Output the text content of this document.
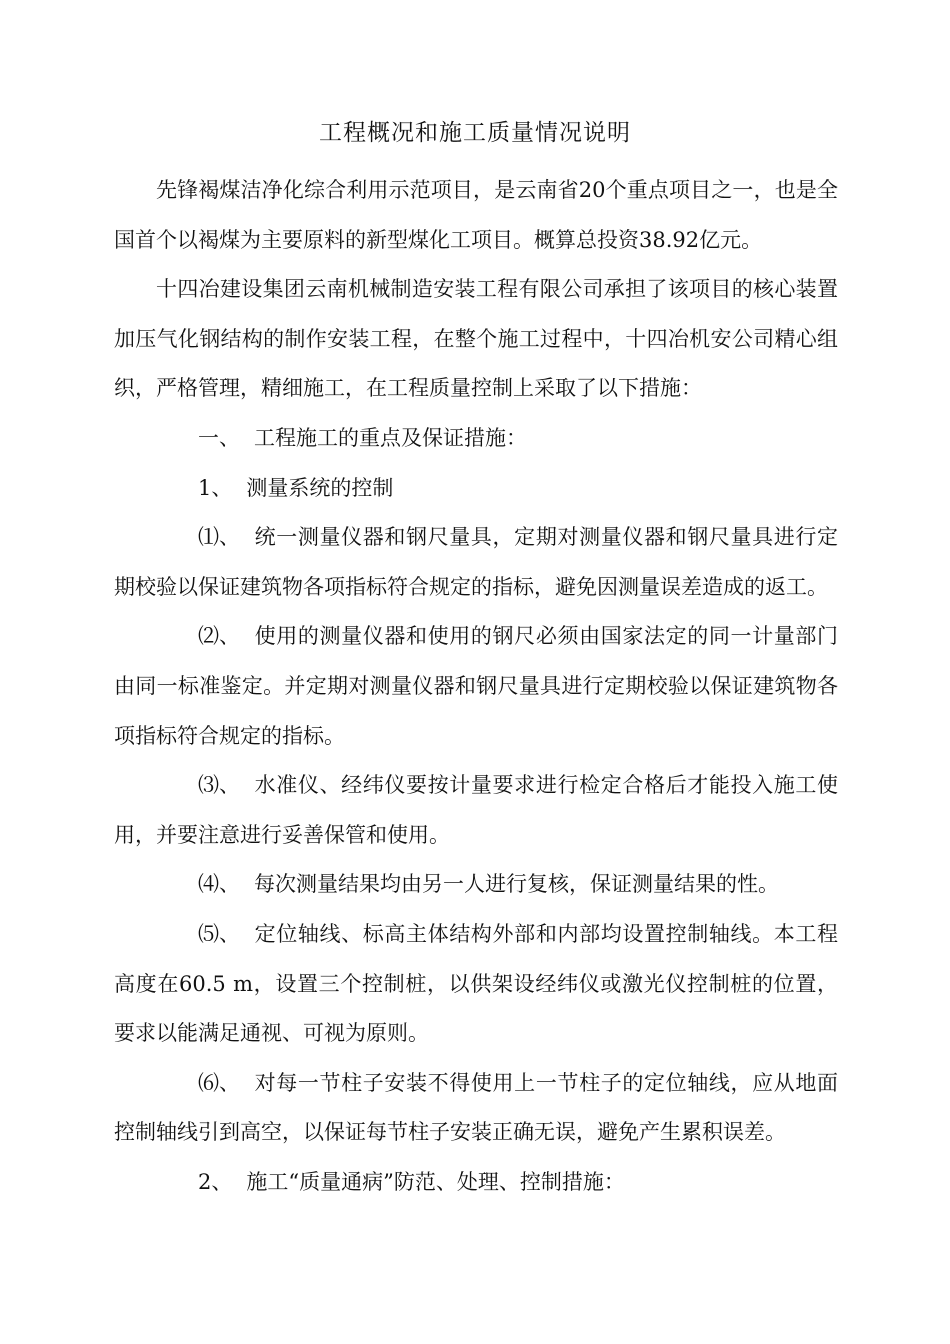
工程概况和施工质量情况说明

先锋褐煤洁净化综合利用示范项目，是云南省20个重点项目之一，也是全国首个以褐煤为主要原料的新型煤化工项目。概算总投资38.92亿元。

十四冶建设集团云南机械制造安装工程有限公司承担了该项目的核心装置加压气化钢结构的制作安装工程，在整个施工过程中，十四冶机安公司精心组织，严格管理，精细施工，在工程质量控制上采取了以下措施：

一、 工程施工的重点及保证措施：

1、 测量系统的控制

⑴、 统一测量仪器和钢尺量具，定期对测量仪器和钢尺量具进行定期校验以保证建筑物各项指标符合规定的指标，避免因测量误差造成的返工。

⑵、 使用的测量仪器和使用的钢尺必须由国家法定的同一计量部门由同一标准鉴定。并定期对测量仪器和钢尺量具进行定期校验以保证建筑物各项指标符合规定的指标。

⑶、 水准仪、经纬仪要按计量要求进行检定合格后才能投入施工使用，并要注意进行妥善保管和使用。

⑷、 每次测量结果均由另一人进行复核，保证测量结果的性。

⑸、 定位轴线、标高主体结构外部和内部均设置控制轴线。本工程高度在60.5 m，设置三个控制桩，以供架设经纬仪或激光仪控制桩的位置，要求以能满足通视、可视为原则。

⑹、 对每一节柱子安装不得使用上一节柱子的定位轴线，应从地面控制轴线引到高空，以保证每节柱子安装正确无误，避免产生累积误差。

2、 施工“质量通病”防范、处理、控制措施：
